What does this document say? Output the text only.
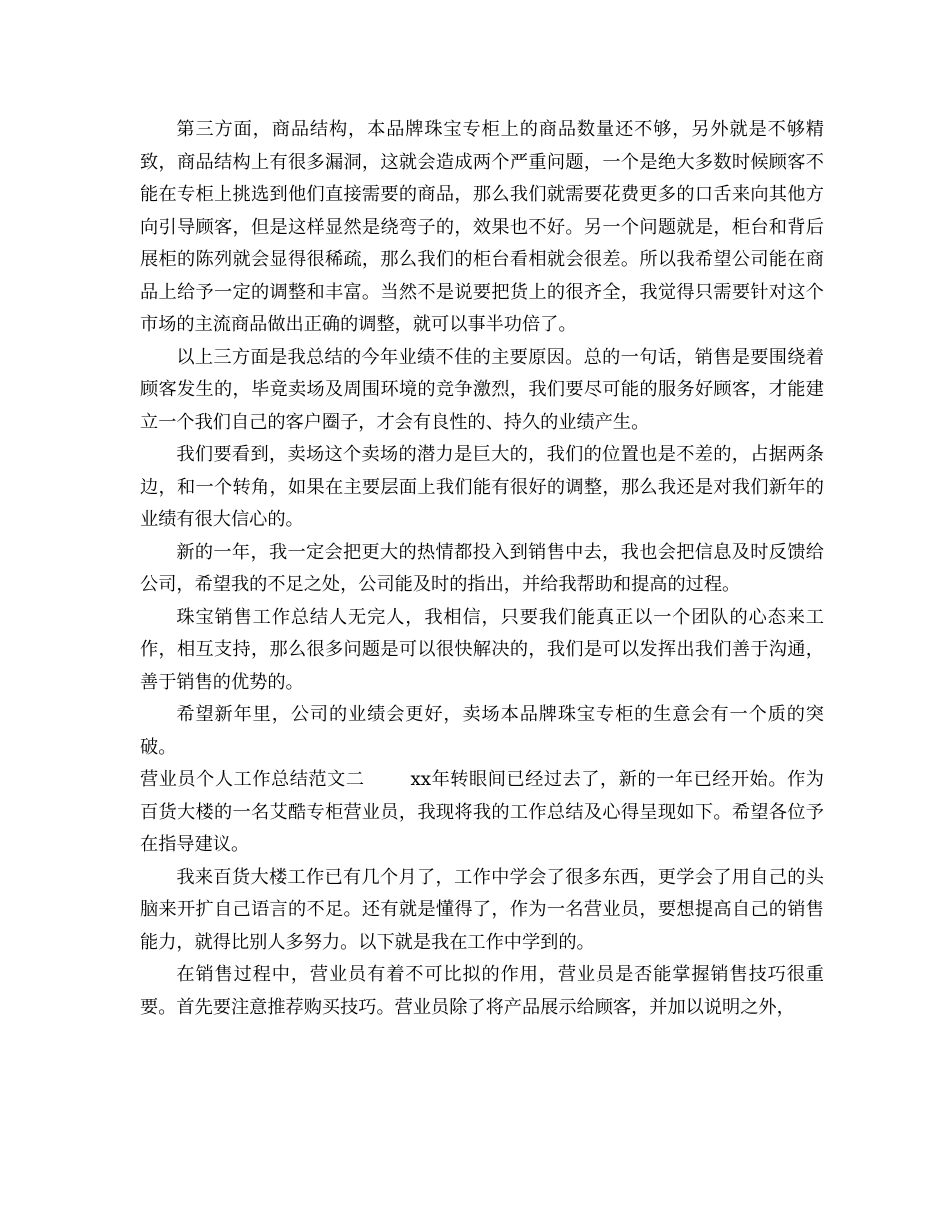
第三方面，商品结构，本品牌珠宝专柜上的商品数量还不够，另外就是不够精致，商品结构上有很多漏洞，这就会造成两个严重问题，一个是绝大多数时候顾客不能在专柜上挑选到他们直接需要的商品，那么我们就需要花费更多的口舌来向其他方向引导顾客，但是这样显然是绕弯子的，效果也不好。另一个问题就是，柜台和背后展柜的陈列就会显得很稀疏，那么我们的柜台看相就会很差。所以我希望公司能在商品上给予一定的调整和丰富。当然不是说要把货上的很齐全，我觉得只需要针对这个市场的主流商品做出正确的调整，就可以事半功倍了。

以上三方面是我总结的今年业绩不佳的主要原因。总的一句话，销售是要围绕着顾客发生的，毕竟卖场及周围环境的竞争激烈，我们要尽可能的服务好顾客，才能建立一个我们自己的客户圈子，才会有良性的、持久的业绩产生。

我们要看到，卖场这个卖场的潜力是巨大的，我们的位置也是不差的，占据两条边，和一个转角，如果在主要层面上我们能有很好的调整，那么我还是对我们新年的业绩有很大信心的。

新的一年，我一定会把更大的热情都投入到销售中去，我也会把信息及时反馈给公司，希望我的不足之处，公司能及时的指出，并给我帮助和提高的过程。

珠宝销售工作总结人无完人，我相信，只要我们能真正以一个团队的心态来工作，相互支持，那么很多问题是可以很快解决的，我们是可以发挥出我们善于沟通，善于销售的优势的。

希望新年里，公司的业绩会更好，卖场本品牌珠宝专柜的生意会有一个质的突破。

营业员个人工作总结范文二	xx年转眼间已经过去了，新的一年已经开始。作为百货大楼的一名艾酷专柜营业员，我现将我的工作总结及心得呈现如下。希望各位予在指导建议。

我来百货大楼工作已有几个月了，工作中学会了很多东西，更学会了用自己的头脑来开扩自己语言的不足。还有就是懂得了，作为一名营业员，要想提高自己的销售能力，就得比别人多努力。以下就是我在工作中学到的。

在销售过程中，营业员有着不可比拟的作用，营业员是否能掌握销售技巧很重要。首先要注意推荐购买技巧。营业员除了将产品展示给顾客，并加以说明之外，
